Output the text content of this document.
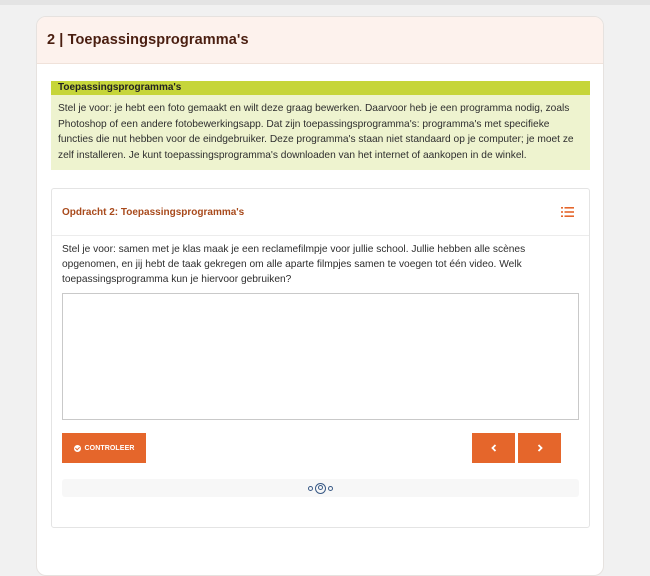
2 | Toepassingsprogramma's
Toepassingsprogramma's
Stel je voor: je hebt een foto gemaakt en wilt deze graag bewerken. Daarvoor heb je een programma nodig, zoals Photoshop of een andere fotobewerkingsapp. Dat zijn toepassingsprogramma's: programma's met specifieke functies die nut hebben voor de eindgebruiker. Deze programma's staan niet standaard op je computer; je moet ze zelf installeren. Je kunt toepassingsprogramma's downloaden van het internet of aankopen in de winkel.
Opdracht 2: Toepassingsprogramma's
Stel je voor: samen met je klas maak je een reclamefilmpje voor jullie school. Jullie hebben alle scènes opgenomen, en jij hebt de taak gekregen om alle aparte filmpjes samen te voegen tot één video. Welk toepassingsprogramma kun je hiervoor gebruiken?
CONTROLEER
